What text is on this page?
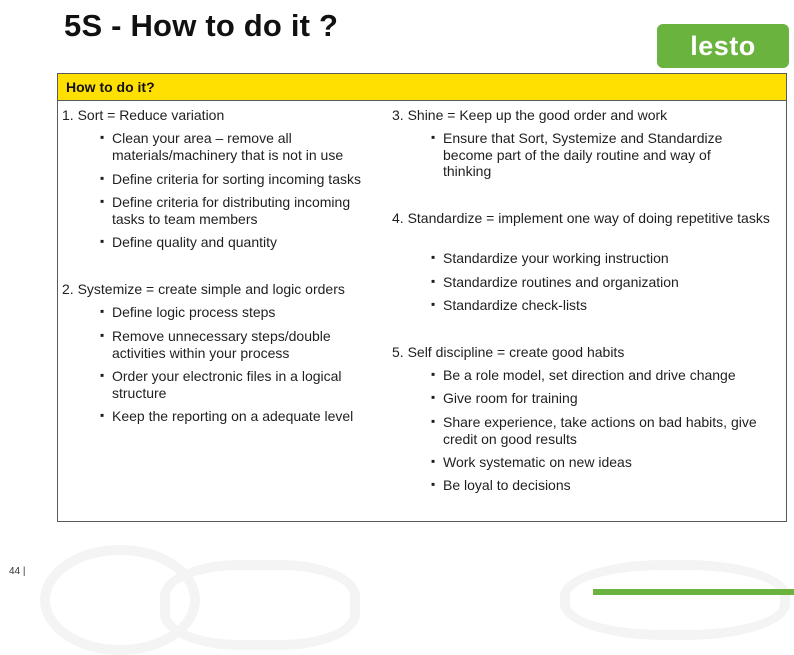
5S - How to do it ?
lesto
How to do it?
1. Sort = Reduce variation
▪ Clean your area – remove all materials/machinery that is not in use
▪ Define criteria for sorting incoming tasks
▪ Define criteria for distributing incoming tasks to team members
▪ Define quality and quantity
2. Systemize = create simple and logic orders
▪ Define logic process steps
▪ Remove unnecessary steps/double activities within your process
▪ Order your electronic files in a logical structure
▪ Keep the reporting on a adequate level
3. Shine = Keep up the good order and work
▪ Ensure that Sort, Systemize and Standardize become part of the daily routine and way of thinking
4. Standardize = implement one way of doing repetitive tasks
▪ Standardize your working instruction
▪ Standardize routines and organization
▪ Standardize check-lists
5. Self discipline = create good habits
▪ Be a role model, set direction and drive change
▪ Give room for training
▪ Share experience, take actions on bad habits, give credit on good results
▪ Work systematic on new ideas
▪ Be loyal to decisions
44 |
